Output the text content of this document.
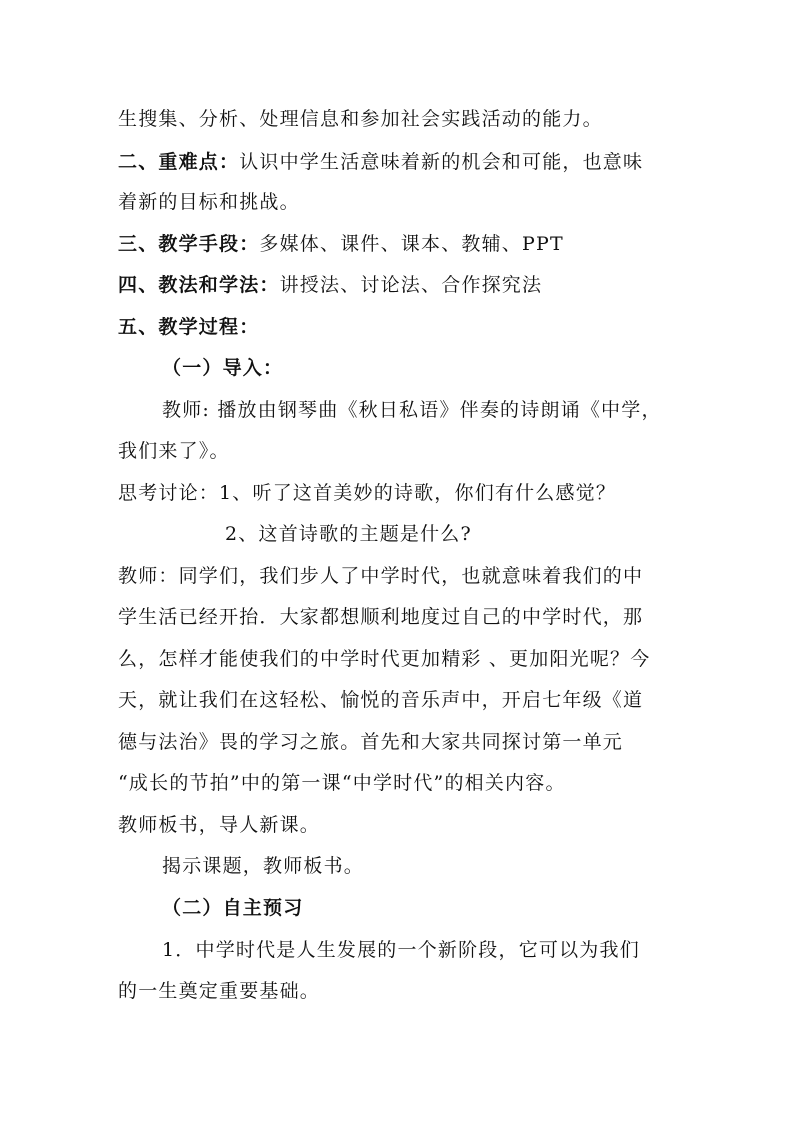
生搜集、分析、处理信息和参加社会实践活动的能力。
二、重难点：认识中学生活意味着新的机会和可能，也意味
着新的目标和挑战。
三、教学手段：多媒体、课件、课本、教辅、PPT
四、教法和学法：讲授法、讨论法、合作探究法
五、教学过程：
（一）导入：
教师: 播放由钢琴曲《秋日私语》伴奏的诗朗诵《中学，
我们来了》。
思考讨论：1、听了这首美妙的诗歌，你们有什么感觉？
2、这首诗歌的主题是什么?
教师：同学们，我们步人了中学时代，也就意味着我们的中
学生活已经开抬．大家都想顺利地度过自己的中学时代，那
么，怎样才能使我们的中学时代更加精彩 、更加阳光呢？今
天，就让我们在这轻松、愉悦的音乐声中，开启七年级《道
德与法治》畏的学习之旅。首先和大家共同探讨第一单元
“成长的节拍”中的第一课“中学时代”的相关内容。
教师板书，导人新课。
揭示课题，教师板书。
（二）自主预习
1．中学时代是人生发展的一个新阶段，它可以为我们
的一生奠定重要基础。
